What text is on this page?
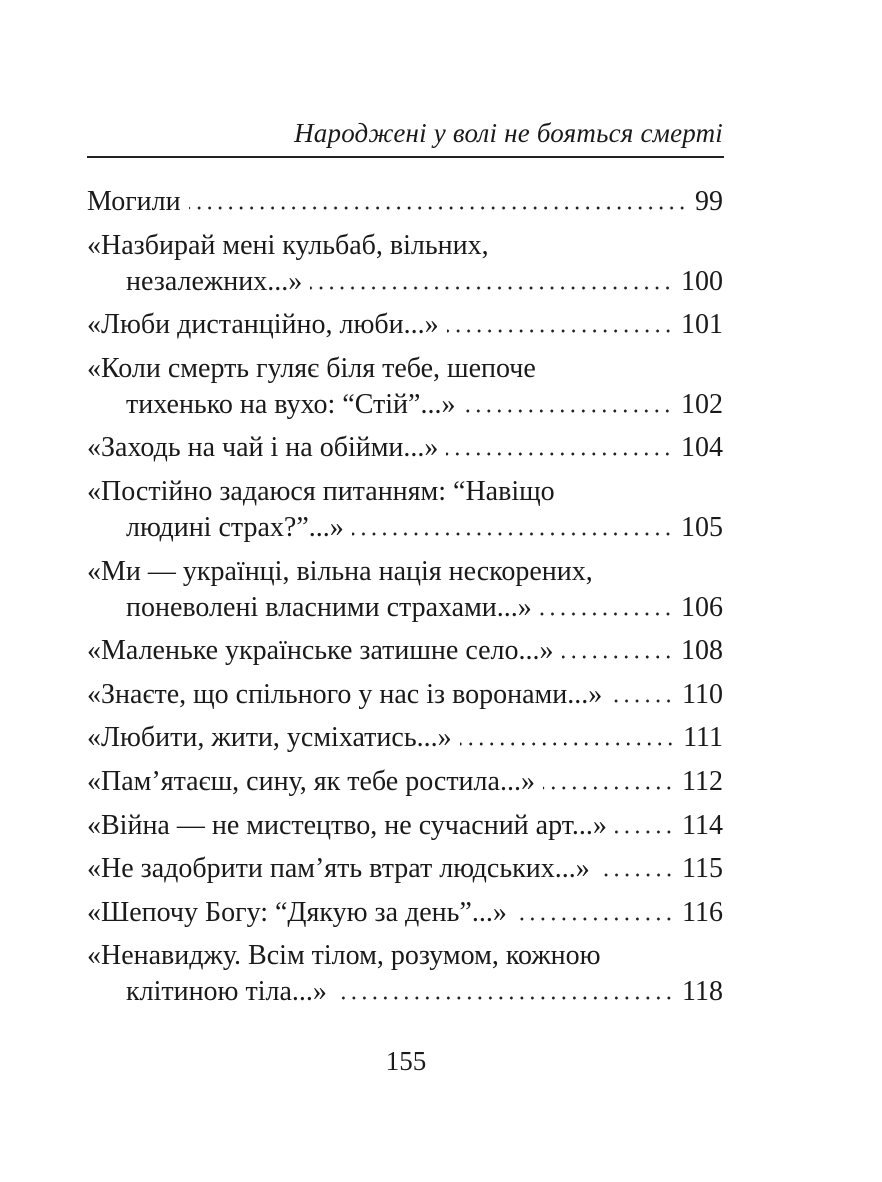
Народжені у волі не бояться смерті
Могили	99
«Назбирай мені кульбаб, вільних,
незалежних...»	100
«Люби дистанційно, люби...»	101
«Коли смерть гуляє біля тебе, шепоче
тихенько на вухо: “Стій”...»	102
«Заходь на чай і на обійми...»	104
«Постійно задаюся питанням: “Навіщо
людині страх?”...»	105
«Ми — українці, вільна нація нескорених,
поневолені власними страхами...»	106
«Маленьке українське затишне село...»	108
«Знаєте, що спільного у нас із воронами...»	110
«Любити, жити, усміхатись...»	111
«Пам’ятаєш, сину, як тебе ростила...»	112
«Війна — не мистецтво, не сучасний арт...»	114
«Не задобрити пам’ять втрат людських...»	115
«Шепочу Богу: “Дякую за день”...»	116
«Ненавиджу. Всім тілом, розумом, кожною
клітиною тіла...»	118
155
